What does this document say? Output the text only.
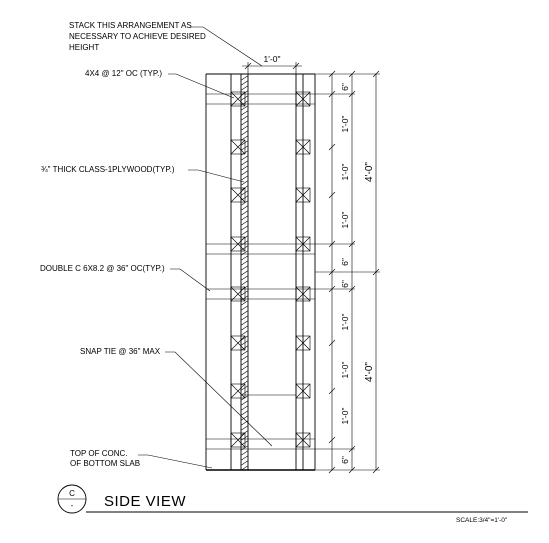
1'-0"
6"
1'-0"
1'-0"
1'-0"
6"
6"
1'-0"
1'-0"
1'-0"
6"
4'-0"
4'-0"
STACK THIS ARRANGEMENT AS
NECESSARY TO ACHIEVE DESIRED
HEIGHT
4X4 @ 12" OC (TYP.)
¾" THICK CLASS-1PLYWOOD(TYP.)
DOUBLE C 6X8.2 @ 36" OC(TYP.)
SNAP TIE @ 36" MAX
TOP OF CONC.
OF BOTTOM SLAB
C
- SIDE VIEW
SCALE:3/4"=1'-0"
